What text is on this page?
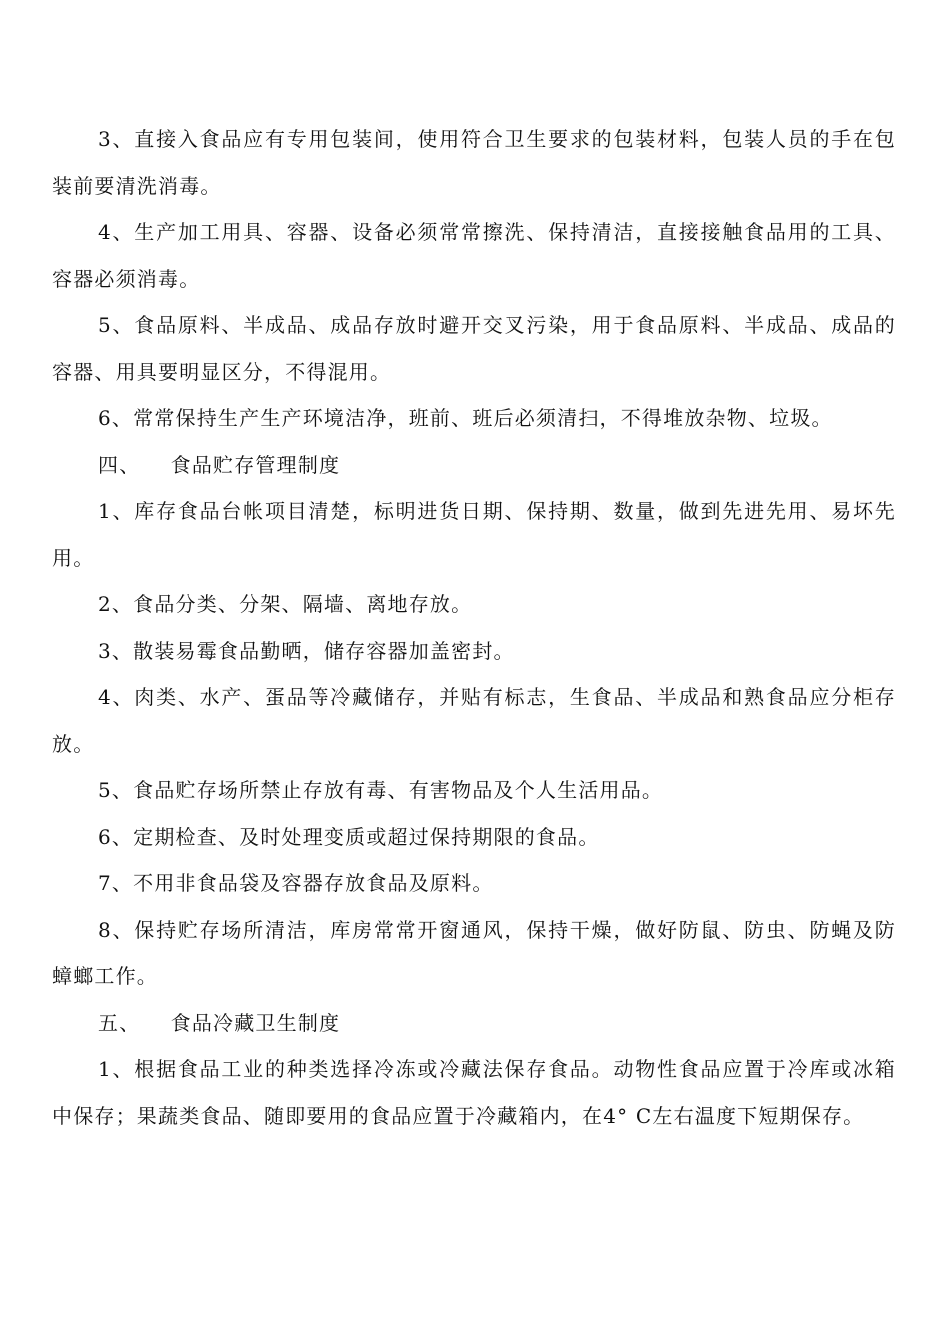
3、直接入食品应有专用包装间，使用符合卫生要求的包装材料，包装人员的手在包装前要清洗消毒。

4、生产加工用具、容器、设备必须常常擦洗、保持清洁，直接接触食品用的工具、容器必须消毒。

5、食品原料、半成品、成品存放时避开交叉污染，用于食品原料、半成品、成品的容器、用具要明显区分，不得混用。

6、常常保持生产生产环境洁净，班前、班后必须清扫，不得堆放杂物、垃圾。

四、    食品贮存管理制度

1、库存食品台帐项目清楚，标明进货日期、保持期、数量，做到先进先用、易坏先用。

2、食品分类、分架、隔墙、离地存放。

3、散装易霉食品勤晒，储存容器加盖密封。

4、肉类、水产、蛋品等冷藏储存，并贴有标志，生食品、半成品和熟食品应分柜存放。

5、食品贮存场所禁止存放有毒、有害物品及个人生活用品。

6、定期检查、及时处理变质或超过保持期限的食品。

7、不用非食品袋及容器存放食品及原料。

8、保持贮存场所清洁，库房常常开窗通风，保持干燥，做好防鼠、防虫、防蝇及防蟑螂工作。

五、    食品冷藏卫生制度

1、根据食品工业的种类选择冷冻或冷藏法保存食品。动物性食品应置于冷库或冰箱中保存；果蔬类食品、随即要用的食品应置于冷藏箱内，在4° C左右温度下短期保存。
